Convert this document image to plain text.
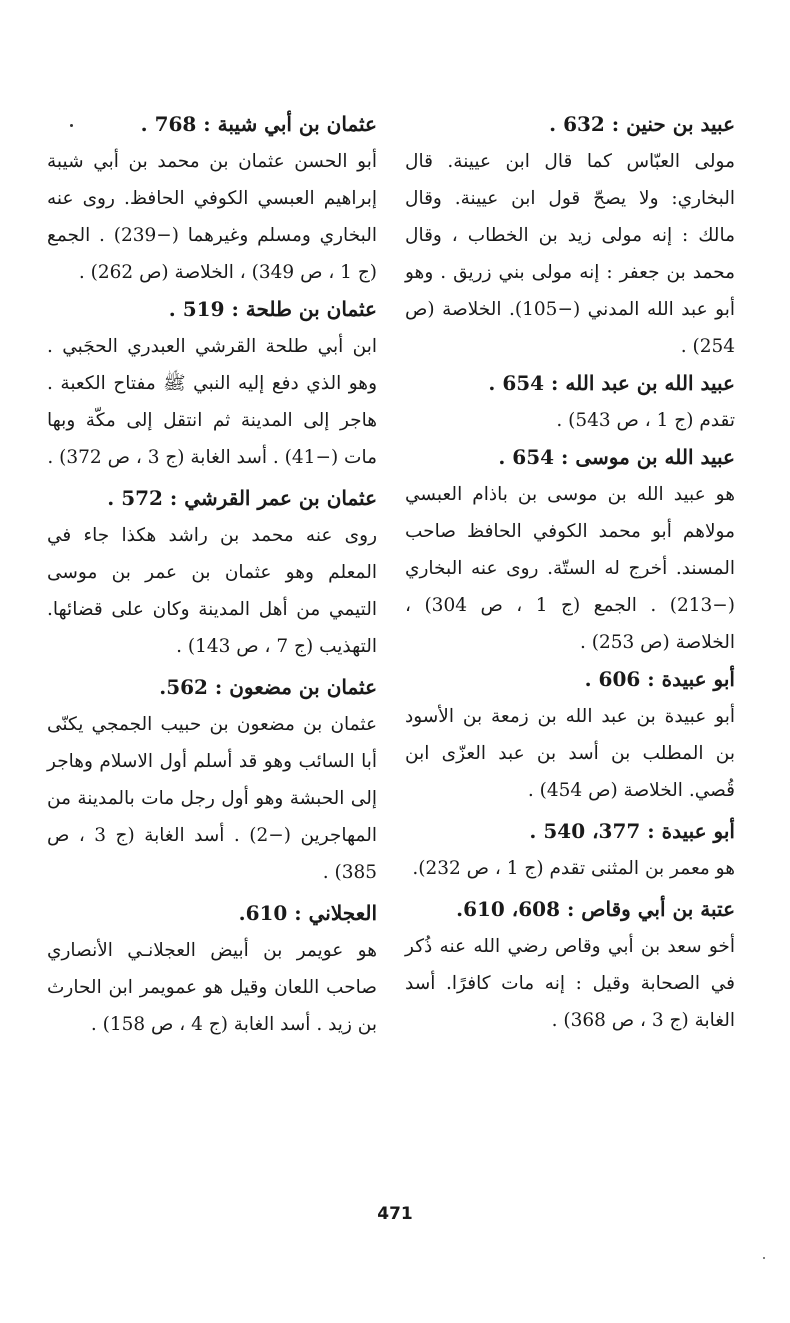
عبيد بن حنين : 632 .
مولى العبّاس كما قال ابن عيينة. قال البخاري: ولا يصحّ قول ابن عيينة. وقال مالك : إنه مولى زيد بن الخطاب ، وقال محمد بن جعفر : إنه مولى بني زريق . وهو أبو عبد الله المدني (−105). الخلاصة (ص 254) .
عبيد الله بن عبد الله : 654 .
تقدم (ج 1 ، ص 543) .
عبيد الله بن موسى : 654 .
هو عبيد الله بن موسى بن باذام العبسي مولاهم أبو محمد الكوفي الحافظ صاحب المسند. أخرج له الستّة. روى عنه البخاري (−213) . الجمع (ج 1 ، ص 304) ، الخلاصة (ص 253) .
أبو عبيدة : 606 .
أبو عبيدة بن عبد الله بن زمعة بن الأسود بن المطلب بن أسد بن عبد العزّى ابن قُصي. الخلاصة (ص 454) .
أبو عبيدة : 377، 540 .
هو معمر بن المثنى تقدم (ج 1 ، ص 232).
عتبة بن أبي وقاص : 608، 610.
أخو سعد بن أبي وقاص رضي الله عنه ذُكر في الصحابة وقيل : إنه مات كافرًا. أسد الغابة (ج 3 ، ص 368) .
عثمان بن أبي شيبة : 768 .
أبو الحسن عثمان بن محمد بن أبي شيبة إبراهيم العبسي الكوفي الحافظ. روى عنه البخاري ومسلم وغيرهما (−239) . الجمع (ج 1 ، ص 349) ، الخلاصة (ص 262) .
عثمان بن طلحة : 519 .
ابن أبي طلحة القرشي العبدري الحجَبي . وهو الذي دفع إليه النبي ﷺ مفتاح الكعبة . هاجر إلى المدينة ثم انتقل إلى مكّة وبها مات (−41) . أسد الغابة (ج 3 ، ص 372) .
عثمان بن عمر القرشي : 572 .
روى عنه محمد بن راشد هكذا جاء في المعلم وهو عثمان بن عمر بن موسى التيمي من أهل المدينة وكان على قضائها. التهذيب (ج 7 ، ص 143) .
عثمان بن مضعون : 562.
عثمان بن مضعون بن حبيب الجمجي يكنّى أبا السائب وهو قد أسلم أول الاسلام وهاجر إلى الحبشة وهو أول رجل مات بالمدينة من المهاجرين (−2) . أسد الغابة (ج 3 ، ص 385) .
العجلاني : 610.
هو عويمر بن أبيض العجلانـي الأنصاري صاحب اللعان وقيل هو عمويمر ابن الحارث بن زيد . أسد الغابة (ج 4 ، ص 158) .
471
